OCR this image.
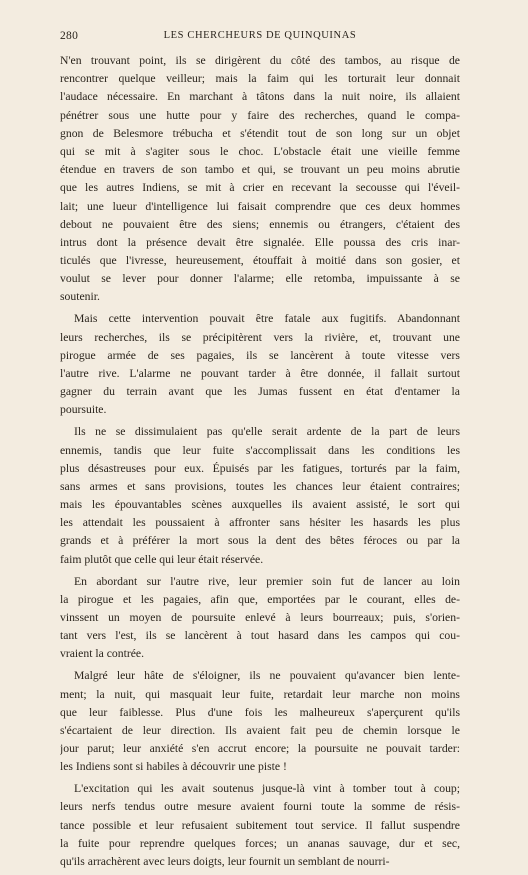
280	LES CHERCHEURS DE QUINQUINAS
N'en trouvant point, ils se dirigèrent du côté des tambos, au risque de
rencontrer quelque veilleur; mais la faim qui les torturait leur donnait
l'audace nécessaire. En marchant à tâtons dans la nuit noire, ils allaient
pénétrer sous une hutte pour y faire des recherches, quand le compa-
gnon de Belesmore trébucha et s'étendit tout de son long sur un objet
qui se mit à s'agiter sous le choc. L'obstacle était une vieille femme
étendue en travers de son tambo et qui, se trouvant un peu moins abrutie
que les autres Indiens, se mit à crier en recevant la secousse qui l'éveil-
lait; une lueur d'intelligence lui faisait comprendre que ces deux hommes
debout ne pouvaient être des siens; ennemis ou étrangers, c'étaient des
intrus dont la présence devait être signalée. Elle poussa des cris inar-
ticulés que l'ivresse, heureusement, étouffait à moitié dans son gosier, et
voulut se lever pour donner l'alarme; elle retomba, impuissante à se
soutenir.
Mais cette intervention pouvait être fatale aux fugitifs. Abandonnant
leurs recherches, ils se précipitèrent vers la rivière, et, trouvant une
pirogue armée de ses pagaies, ils se lancèrent à toute vitesse vers
l'autre rive. L'alarme ne pouvant tarder à être donnée, il fallait surtout
gagner du terrain avant que les Jumas fussent en état d'entamer la
poursuite.
Ils ne se dissimulaient pas qu'elle serait ardente de la part de leurs
ennemis, tandis que leur fuite s'accomplissait dans les conditions les
plus désastreuses pour eux. Épuisés par les fatigues, torturés par la faim,
sans armes et sans provisions, toutes les chances leur étaient contraires;
mais les épouvantables scènes auxquelles ils avaient assisté, le sort qui
les attendait les poussaient à affronter sans hésiter les hasards les plus
grands et à préférer la mort sous la dent des bêtes féroces ou par la
faim plutôt que celle qui leur était réservée.
En abordant sur l'autre rive, leur premier soin fut de lancer au loin
la pirogue et les pagaies, afin que, emportées par le courant, elles de-
vinssent un moyen de poursuite enlevé à leurs bourreaux; puis, s'orien-
tant vers l'est, ils se lancèrent à tout hasard dans les campos qui cou-
vraient la contrée.
Malgré leur hâte de s'éloigner, ils ne pouvaient qu'avancer bien lente-
ment; la nuit, qui masquait leur fuite, retardait leur marche non moins
que leur faiblesse. Plus d'une fois les malheureux s'aperçurent qu'ils
s'écartaient de leur direction. Ils avaient fait peu de chemin lorsque le
jour parut; leur anxiété s'en accrut encore; la poursuite ne pouvait tarder:
les Indiens sont si habiles à découvrir une piste !
L'excitation qui les avait soutenus jusque-là vint à tomber tout à coup;
leurs nerfs tendus outre mesure avaient fourni toute la somme de résis-
tance possible et leur refusaient subitement tout service. Il fallut suspendre
la fuite pour reprendre quelques forces; un ananas sauvage, dur et sec,
qu'ils arrachèrent avec leurs doigts, leur fournit un semblant de nourri-
